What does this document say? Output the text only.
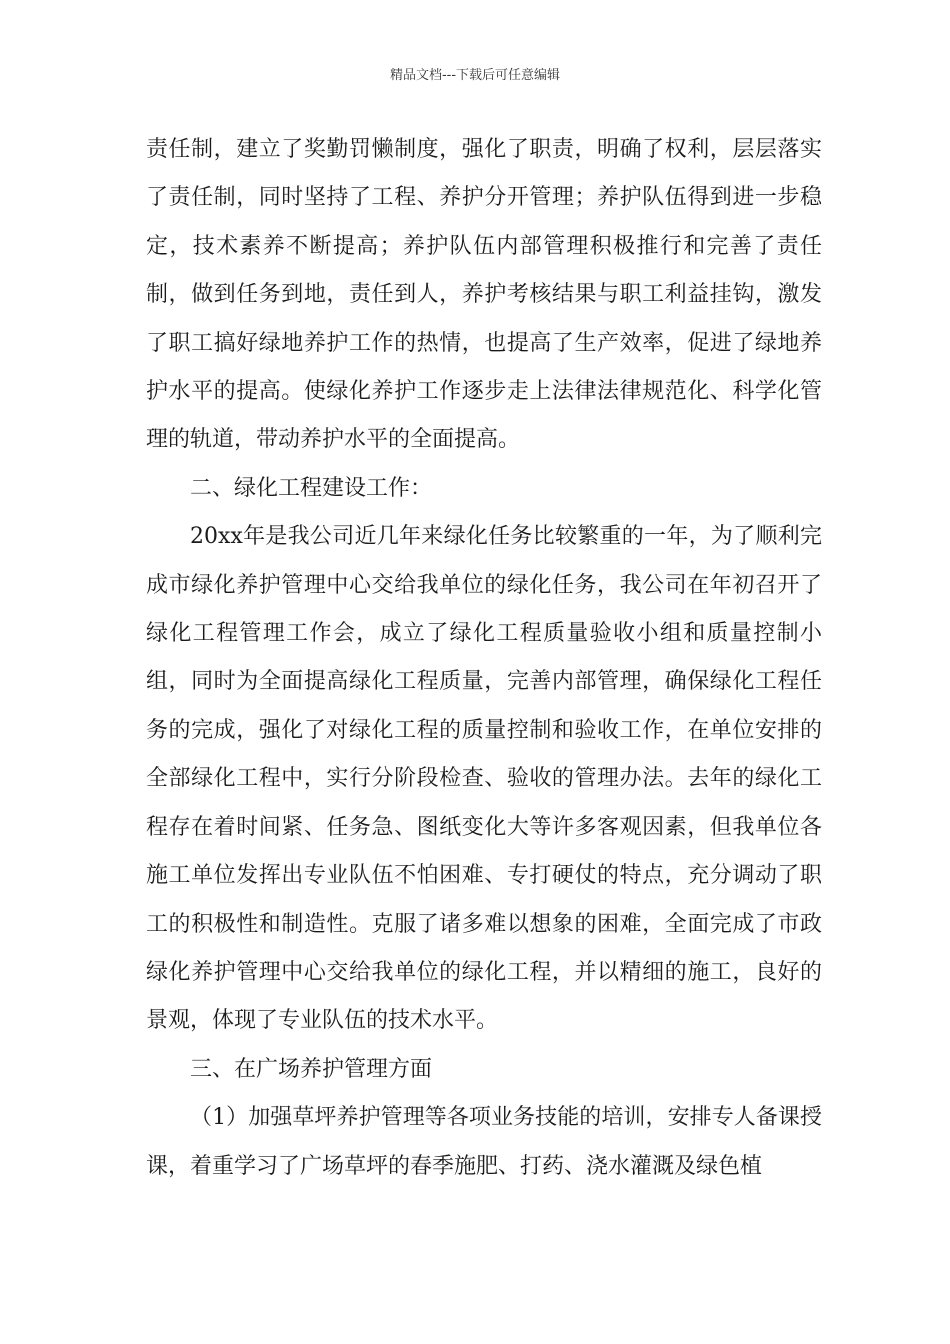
精品文档---下载后可任意编辑

责任制，建立了奖勤罚懒制度，强化了职责，明确了权利，层层落实了责任制，同时坚持了工程、养护分开管理；养护队伍得到进一步稳定，技术素养不断提高；养护队伍内部管理积极推行和完善了责任制，做到任务到地，责任到人，养护考核结果与职工利益挂钩，激发了职工搞好绿地养护工作的热情，也提高了生产效率，促进了绿地养护水平的提高。使绿化养护工作逐步走上法律法律规范化、科学化管理的轨道，带动养护水平的全面提高。

二、绿化工程建设工作：

20xx年是我公司近几年来绿化任务比较繁重的一年，为了顺利完成市绿化养护管理中心交给我单位的绿化任务，我公司在年初召开了绿化工程管理工作会，成立了绿化工程质量验收小组和质量控制小组，同时为全面提高绿化工程质量，完善内部管理，确保绿化工程任务的完成，强化了对绿化工程的质量控制和验收工作，在单位安排的全部绿化工程中，实行分阶段检查、验收的管理办法。去年的绿化工程存在着时间紧、任务急、图纸变化大等许多客观因素，但我单位各施工单位发挥出专业队伍不怕困难、专打硬仗的特点，充分调动了职工的积极性和制造性。克服了诸多难以想象的困难，全面完成了市政绿化养护管理中心交给我单位的绿化工程，并以精细的施工，良好的景观，体现了专业队伍的技术水平。

三、在广场养护管理方面

（1）加强草坪养护管理等各项业务技能的培训，安排专人备课授课，着重学习了广场草坪的春季施肥、打药、浇水灌溉及绿色植
